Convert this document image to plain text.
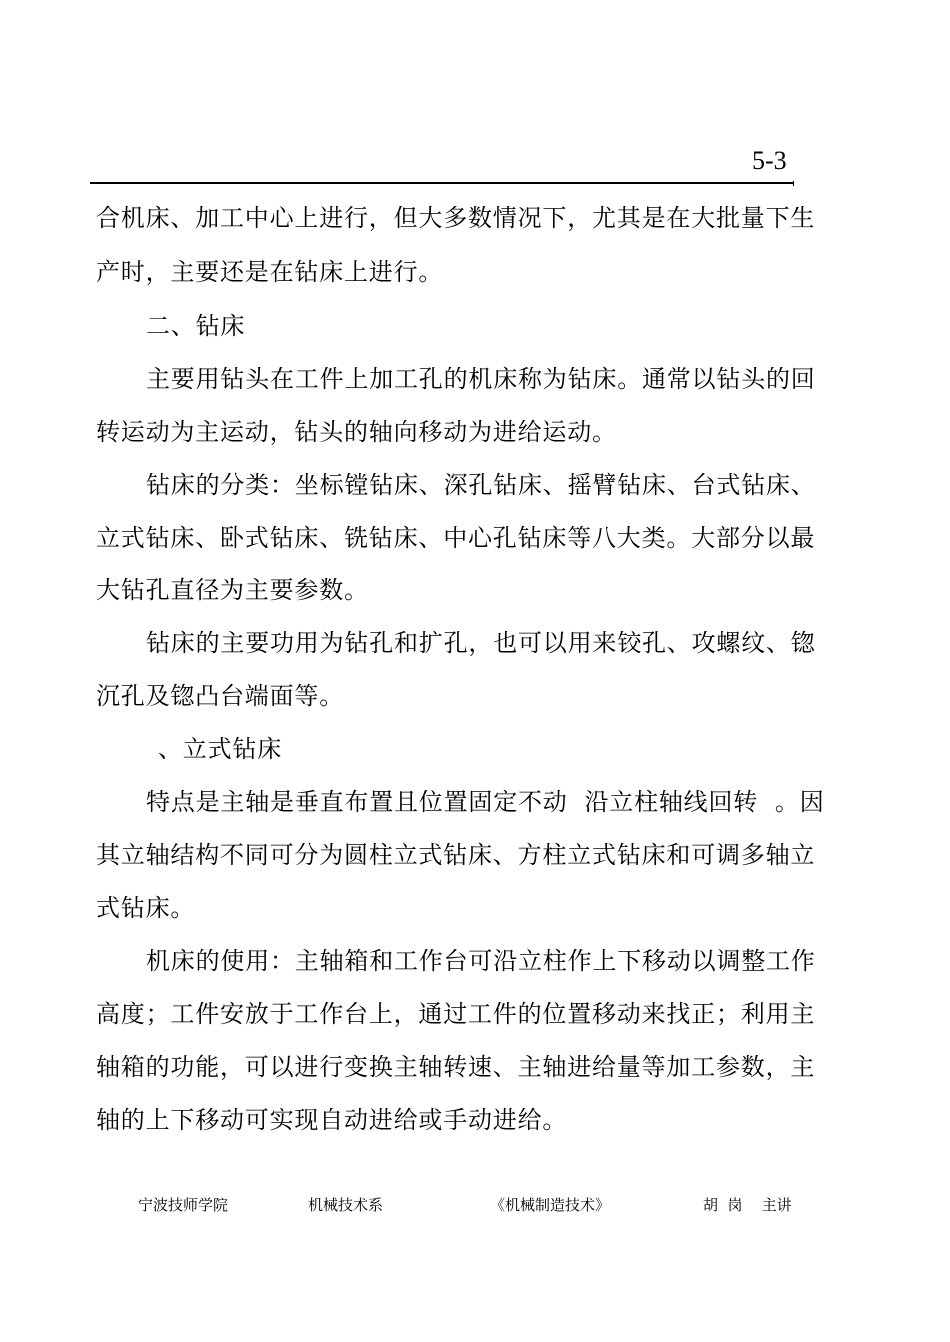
5-3
合机床、加工中心上进行，但大多数情况下，尤其是在大批量下生
产时，主要还是在钻床上进行。
二、钻床
主要用钻头在工件上加工孔的机床称为钻床。通常以钻头的回
转运动为主运动，钻头的轴向移动为进给运动。
钻床的分类：坐标镗钻床、深孔钻床、摇臂钻床、台式钻床、
立式钻床、卧式钻床、铣钻床、中心孔钻床等八大类。大部分以最
大钻孔直径为主要参数。
钻床的主要功用为钻孔和扩孔，也可以用来铰孔、攻螺纹、锪
沉孔及锪凸台端面等。
、立式钻床
特点是主轴是垂直布置且位置固定不动  沿立柱轴线回转  。因
其立轴结构不同可分为圆柱立式钻床、方柱立式钻床和可调多轴立
式钻床。
机床的使用：主轴箱和工作台可沿立柱作上下移动以调整工作
高度；工件安放于工作台上，通过工件的位置移动来找正；利用主
轴箱的功能，可以进行变换主轴转速、主轴进给量等加工参数，主
轴的上下移动可实现自动进给或手动进给。
宁波技师学院	机械技术系	《机械制造技术》	胡  岗    主讲
